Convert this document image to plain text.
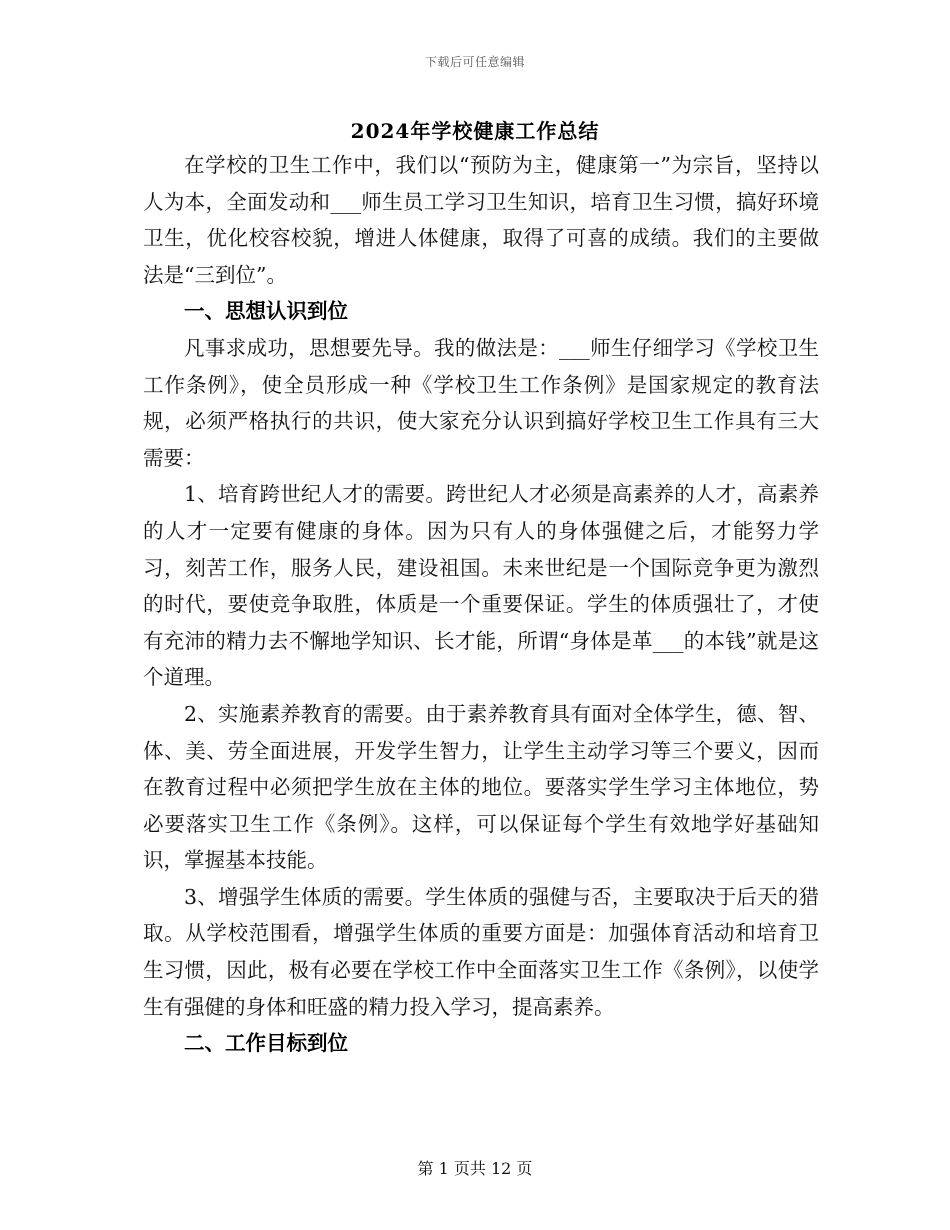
下载后可任意编辑
2024年学校健康工作总结

在学校的卫生工作中，我们以“预防为主，健康第一”为宗旨，坚持以人为本，全面发动和___师生员工学习卫生知识，培育卫生习惯，搞好环境卫生，优化校容校貌，增进人体健康，取得了可喜的成绩。我们的主要做法是“三到位”。

一、思想认识到位

凡事求成功，思想要先导。我的做法是：___师生仔细学习《学校卫生工作条例》，使全员形成一种《学校卫生工作条例》是国家规定的教育法规，必须严格执行的共识，使大家充分认识到搞好学校卫生工作具有三大需要：

1、培育跨世纪人才的需要。跨世纪人才必须是高素养的人才，高素养的人才一定要有健康的身体。因为只有人的身体强健之后，才能努力学习，刻苦工作，服务人民，建设祖国。未来世纪是一个国际竞争更为激烈的时代，要使竞争取胜，体质是一个重要保证。学生的体质强壮了，才使有充沛的精力去不懈地学知识、长才能，所谓“身体是革___的本钱”就是这个道理。

2、实施素养教育的需要。由于素养教育具有面对全体学生，德、智、体、美、劳全面进展，开发学生智力，让学生主动学习等三个要义，因而在教育过程中必须把学生放在主体的地位。要落实学生学习主体地位，势必要落实卫生工作《条例》。这样，可以保证每个学生有效地学好基础知识，掌握基本技能。

3、增强学生体质的需要。学生体质的强健与否，主要取决于后天的猎取。从学校范围看，增强学生体质的重要方面是：加强体育活动和培育卫生习惯，因此，极有必要在学校工作中全面落实卫生工作《条例》，以使学生有强健的身体和旺盛的精力投入学习，提高素养。

二、工作目标到位

第 1 页共 12 页
